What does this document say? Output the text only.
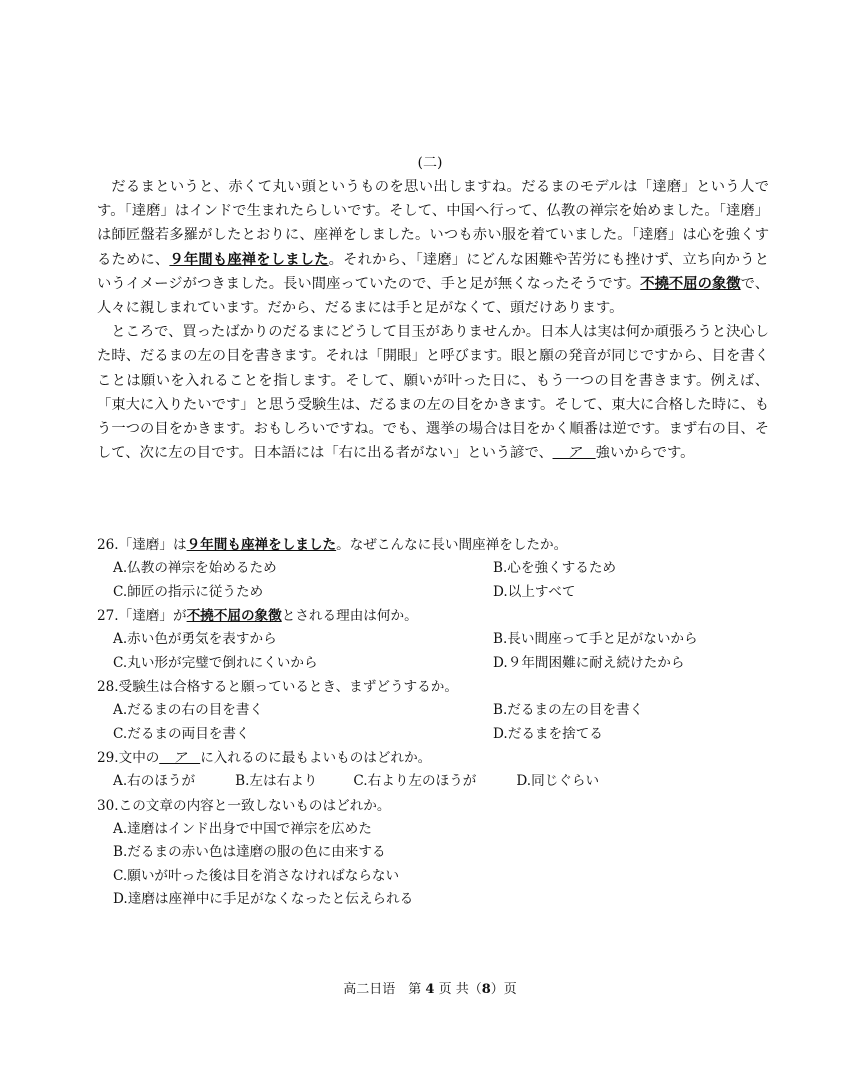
(二)

だるまというと、赤くて丸い頭というものを思い出しますね。だるまのモデルは「達磨」という人です。「達磨」はインドで生まれたらしいです。そして、中国へ行って、仏教の禅宗を始めました。「達磨」は師匠盤若多羅がしたとおりに、座禅をしました。いつも赤い服を着ていました。「達磨」は心を強くするために、９年間も座禅をしました。それから、「達磨」にどんな困難や苦労にも挫けず、立ち向かうというイメージがつきました。長い間座っていたので、手と足が無くなったそうです。不撓不屈の象徴で、人々に親しまれています。だから、だるまには手と足がなくて、頭だけあります。

ところで、買ったばかりのだるまにどうして目玉がありませんか。日本人は実は何か頑張ろうと決心した時、だるまの左の目を書きます。それは「開眼」と呼びます。眼と願の発音が同じですから、目を書くことは願いを入れることを指します。そして、願いが叶った日に、もう一つの目を書きます。例えば、「東大に入りたいです」と思う受験生は、だるまの左の目をかきます。そして、東大に合格した時に、もう一つの目をかきます。おもしろいですね。でも、選挙の場合は目をかく順番は逆です。まず右の目、そして、次に左の目です。日本語には「右に出る者がない」という諺で、＿ア＿強いからです。

26.「達磨」は９年間も座禅をしました。なぜこんなに長い間座禅をしたか。
A.仏教の禅宗を始めるため	B.心を強くするため
C.師匠の指示に従うため	D.以上すべて
27.「達磨」が不撓不屈の象徴とされる理由は何か。
A.赤い色が勇気を表すから	B.長い間座って手と足がないから
C.丸い形が完璧で倒れにくいから	D.９年間困難に耐え続けたから
28.受験生は合格すると願っているとき、まずどうするか。
A.だるまの右の目を書く	B.だるまの左の目を書く
C.だるまの両目を書く	D.だるまを捨てる
29.文中の＿ア＿に入れるのに最もよいものはどれか。
A.右のほうが	B.左は右より	C.右より左のほうが	D.同じぐらい
30.この文章の内容と一致しないものはどれか。
A.達磨はインド出身で中国で禅宗を広めた
B.だるまの赤い色は達磨の服の色に由来する
C.願いが叶った後は目を消さなければならない
D.達磨は座禅中に手足がなくなったと伝えられる
高二日语　第 4 页 共（8）页
